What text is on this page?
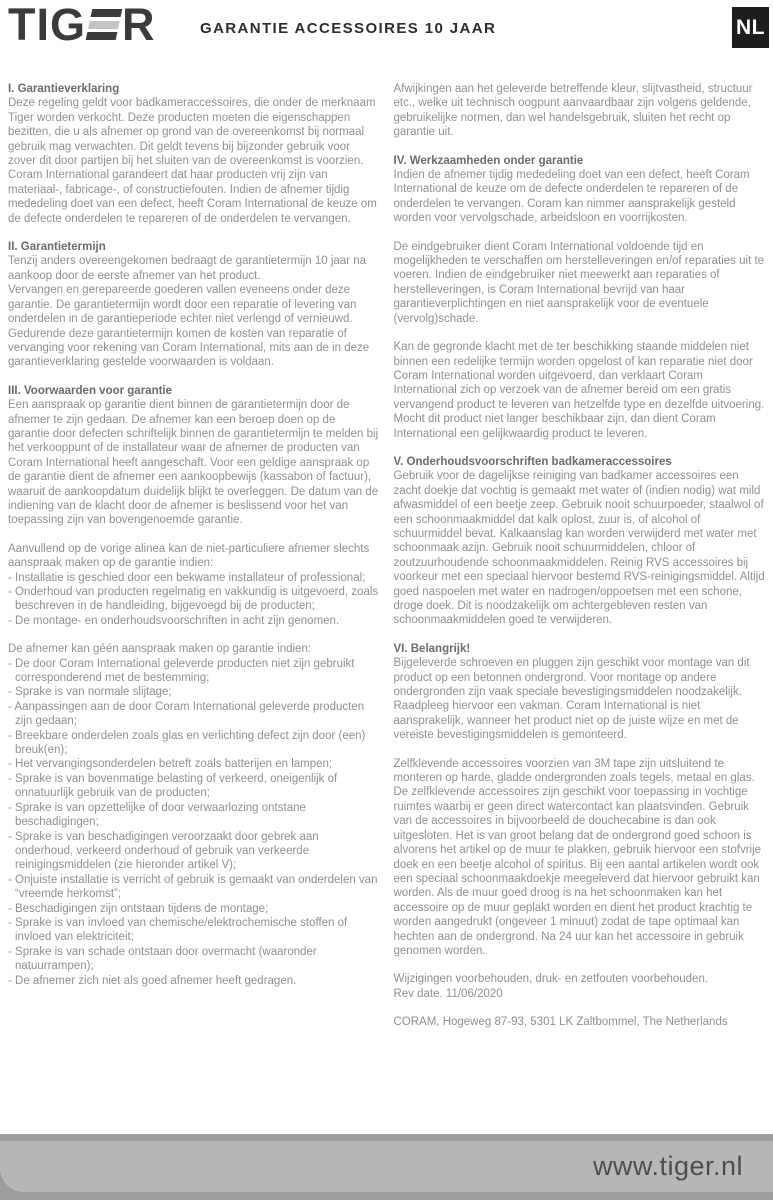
TIG R	GARANTIE ACCESSOIRES 10 JAAR	NL
I. Garantieverklaring
Deze regeling geldt voor badkameraccessoires, die onder de merknaam Tiger worden verkocht. Deze producten moeten die eigenschappen bezitten, die u als afnemer op grond van de overeenkomst bij normaal gebruik mag verwachten. Dit geldt tevens bij bijzonder gebruik voor zover dit door partijen bij het sluiten van de overeenkomst is voorzien. Coram International garandeert dat haar producten vrij zijn van materiaal-, fabricage-, of constructiefouten. Indien de afnemer tijdig mededeling doet van een defect, heeft Coram International de keuze om de defecte onderdelen te repareren of de onderdelen te vervangen.
II. Garantietermijn
Tenzij anders overeengekomen bedraagt de garantietermijn 10 jaar na aankoop door de eerste afnemer van het product.
Vervangen en gerepareerde goederen vallen eveneens onder deze garantie. De garantietermijn wordt door een reparatie of levering van onderdelen in de garantieperiode echter niet verlengd of vernieuwd.
Gedurende deze garantietermijn komen de kosten van reparatie of vervanging voor rekening van Coram International, mits aan de in deze garantieverklaring gestelde voorwaarden is voldaan.
III. Voorwaarden voor garantie
Een aanspraak op garantie dient binnen de garantietermijn door de afnemer te zijn gedaan. De afnemer kan een beroep doen op de garantie door defecten schriftelijk binnen de garantietermijn te melden bij het verkooppunt of de installateur waar de afnemer de producten van Coram International heeft aangeschaft. Voor een geldige aanspraak op de garantie dient de afnemer een aankoopbewijs (kassabon of factuur), waaruit de aankoopdatum duidelijk blijkt te overleggen. De datum van de indiening van de klacht door de afnemer is beslissend voor het van toepassing zijn van bovengenoemde garantie.
Aanvullend op de vorige alinea kan de niet-particuliere afnemer slechts aanspraak maken op de garantie indien:
- Installatie is geschied door een bekwame installateur of professional;
- Onderhoud van producten regelmatig en vakkundig is uitgevoerd, zoals beschreven in de handleiding, bijgevoegd bij de producten;
- De montage- en onderhoudsvoorschriften in acht zijn genomen.
De afnemer kan géén aanspraak maken op garantie indien:
- De door Coram International geleverde producten niet zijn gebruikt corresponderend met de bestemming;
- Sprake is van normale slijtage;
- Aanpassingen aan de door Coram International geleverde producten zijn gedaan;
- Breekbare onderdelen zoals glas en verlichting defect zijn door (een) breuk(en);
- Het vervangingsonderdelen betreft zoals batterijen en lampen;
- Sprake is van bovenmatige belasting of verkeerd, oneigenlijk of onnatuurlijk gebruik van de producten;
- Sprake is van opzettelijke of door verwaarlozing ontstane beschadigingen;
- Sprake is van beschadigingen veroorzaakt door gebrek aan onderhoud, verkeerd onderhoud of gebruik van verkeerde reinigingsmiddelen (zie hieronder artikel V);
- Onjuiste installatie is verricht of gebruik is gemaakt van onderdelen van “vreemde herkomst”;
- Beschadigingen zijn ontstaan tijdens de montage;
- Sprake is van invloed van chemische/elektrochemische stoffen of invloed van elektriciteit;
- Sprake is van schade ontstaan door overmacht (waaronder natuurrampen);
- De afnemer zich niet als goed afnemer heeft gedragen.
Afwijkingen aan het geleverde betreffende kleur, slijtvastheid, structuur etc., welke uit technisch oogpunt aanvaardbaar zijn volgens geldende, gebruikelijke normen, dan wel handelsgebruik, sluiten het recht op garantie uit.
IV. Werkzaamheden onder garantie
Indien de afnemer tijdig mededeling doet van een defect, heeft Coram International de keuze om de defecte onderdelen te repareren of de onderdelen te vervangen. Coram kan nimmer aansprakelijk gesteld worden voor vervolgschade, arbeidsloon en voorrijkosten.
De eindgebruiker dient Coram International voldoende tijd en mogelijkheden te verschaffen om herstelleveringen en/of reparaties uit te voeren. Indien de eindgebruiker niet meewerkt aan reparaties of herstelleveringen, is Coram International bevrijd van haar garantieverplichtingen en niet aansprakelijk voor de eventuele (vervolg)schade.
Kan de gegronde klacht met de ter beschikking staande middelen niet binnen een redelijke termijn worden opgelost of kan reparatie niet door Coram International worden uitgevoerd, dan verklaart Coram International zich op verzoek van de afnemer bereid om een gratis vervangend product te leveren van hetzelfde type en dezelfde uitvoering. Mocht dit product niet langer beschikbaar zijn, dan dient Coram International een gelijkwaardig product te leveren.
V. Onderhoudsvoorschriften badkameraccessoires
Gebruik voor de dagelijkse reiniging van badkamer accessoires een zacht doekje dat vochtig is gemaakt met water of (indien nodig) wat mild afwasmiddel of een beetje zeep. Gebruik nooit schuurpoeder, staalwol of een schoonmaakmiddel dat kalk oplost, zuur is, of alcohol of schuurmiddel bevat. Kalkaanslag kan worden verwijderd met water met schoonmaak azijn. Gebruik nooit schuurmiddelen, chloor of zoutzuurhoudende schoonmaakmiddelen. Reinig RVS accessoires bij voorkeur met een speciaal hiervoor bestemd RVS-reinigingsmiddel. Altijd goed naspoelen met water en nadrogen/oppoetsen met een schone, droge doek. Dit is noodzakelijk om achtergebleven resten van schoonmaakmiddelen goed te verwijderen.
VI. Belangrijk!
Bijgeleverde schroeven en pluggen zijn geschikt voor montage van dit product op een betonnen ondergrond. Voor montage op andere ondergronden zijn vaak speciale bevestigingsmiddelen noodzakelijk. Raadpleeg hiervoor een vakman. Coram International is niet aansprakelijk, wanneer het product niet op de juiste wijze en met de vereiste bevestigingsmiddelen is gemonteerd.
Zelfklevende accessoires voorzien van 3M tape zijn uitsluitend te monteren op harde, gladde ondergronden zoals tegels, metaal en glas. De zelfklevende accessoires zijn geschikt voor toepassing in vochtige ruimtes waarbij er geen direct watercontact kan plaatsvinden. Gebruik van de accessoires in bijvoorbeeld de douchecabine is dan ook uitgesloten. Het is van groot belang dat de ondergrond goed schoon is alvorens het artikel op de muur te plakken, gebruik hiervoor een stofvrije doek en een beetje alcohol of spiritus. Bij een aantal artikelen wordt ook een speciaal schoonmaakdoekje meegeleverd dat hiervoor gebruikt kan worden. Als de muur goed droog is na het schoonmaken kan het accessoire op de muur geplakt worden en dient het product krachtig te worden aangedrukt (ongeveer 1 minuut) zodat de tape optimaal kan hechten aan de ondergrond. Na 24 uur kan het accessoire in gebruik genomen worden.
Wijzigingen voorbehouden, druk- en zetfouten voorbehouden.
Rev date. 11/06/2020
CORAM, Hogeweg 87-93, 5301 LK Zaltbommel, The Netherlands
www.tiger.nl
